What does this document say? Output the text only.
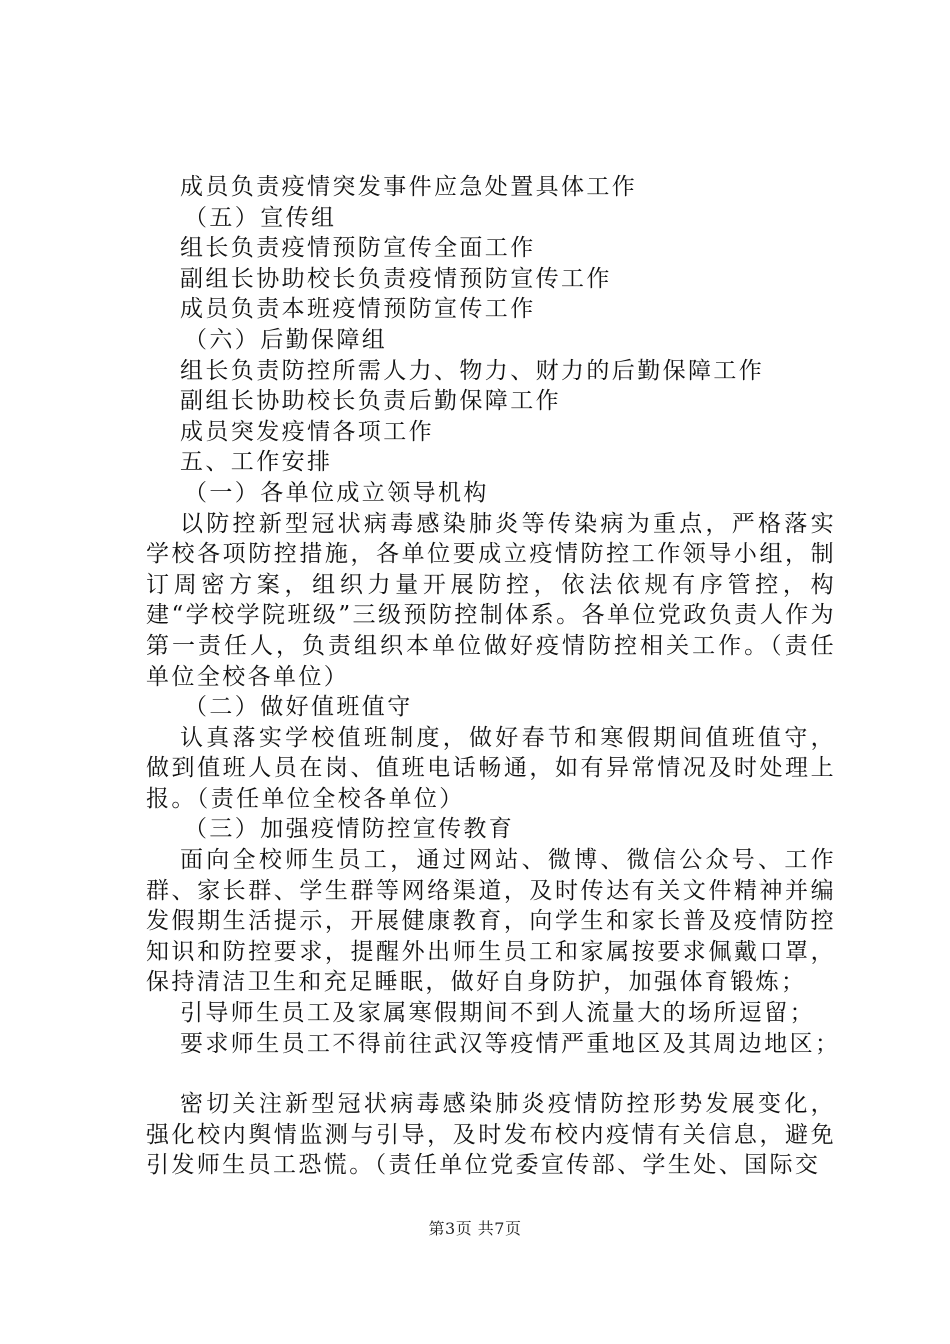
成员负责疫情突发事件应急处置具体工作
（五）宣传组
组长负责疫情预防宣传全面工作
副组长协助校长负责疫情预防宣传工作
成员负责本班疫情预防宣传工作
（六）后勤保障组
组长负责防控所需人力、物力、财力的后勤保障工作
副组长协助校长负责后勤保障工作
成员突发疫情各项工作
五、工作安排
（一）各单位成立领导机构
以防控新型冠状病毒感染肺炎等传染病为重点，严格落实学校各项防控措施，各单位要成立疫情防控工作领导小组，制订周密方案，组织力量开展防控，依法依规有序管控，构建“学校学院班级”三级预防控制体系。各单位党政负责人作为第一责任人，负责组织本单位做好疫情防控相关工作。（责任单位全校各单位）
（二）做好值班值守
认真落实学校值班制度，做好春节和寒假期间值班值守，做到值班人员在岗、值班电话畅通，如有异常情况及时处理上报。（责任单位全校各单位）
（三）加强疫情防控宣传教育
面向全校师生员工，通过网站、微博、微信公众号、工作群、家长群、学生群等网络渠道，及时传达有关文件精神并编发假期生活提示，开展健康教育，向学生和家长普及疫情防控知识和防控要求，提醒外出师生员工和家属按要求佩戴口罩，保持清洁卫生和充足睡眠，做好自身防护，加强体育锻炼；
引导师生员工及家属寒假期间不到人流量大的场所逗留；
要求师生员工不得前往武汉等疫情严重地区及其周边地区；
密切关注新型冠状病毒感染肺炎疫情防控形势发展变化，强化校内舆情监测与引导，及时发布校内疫情有关信息，避免引发师生员工恐慌。（责任单位党委宣传部、学生处、国际交
第3页 共7页
